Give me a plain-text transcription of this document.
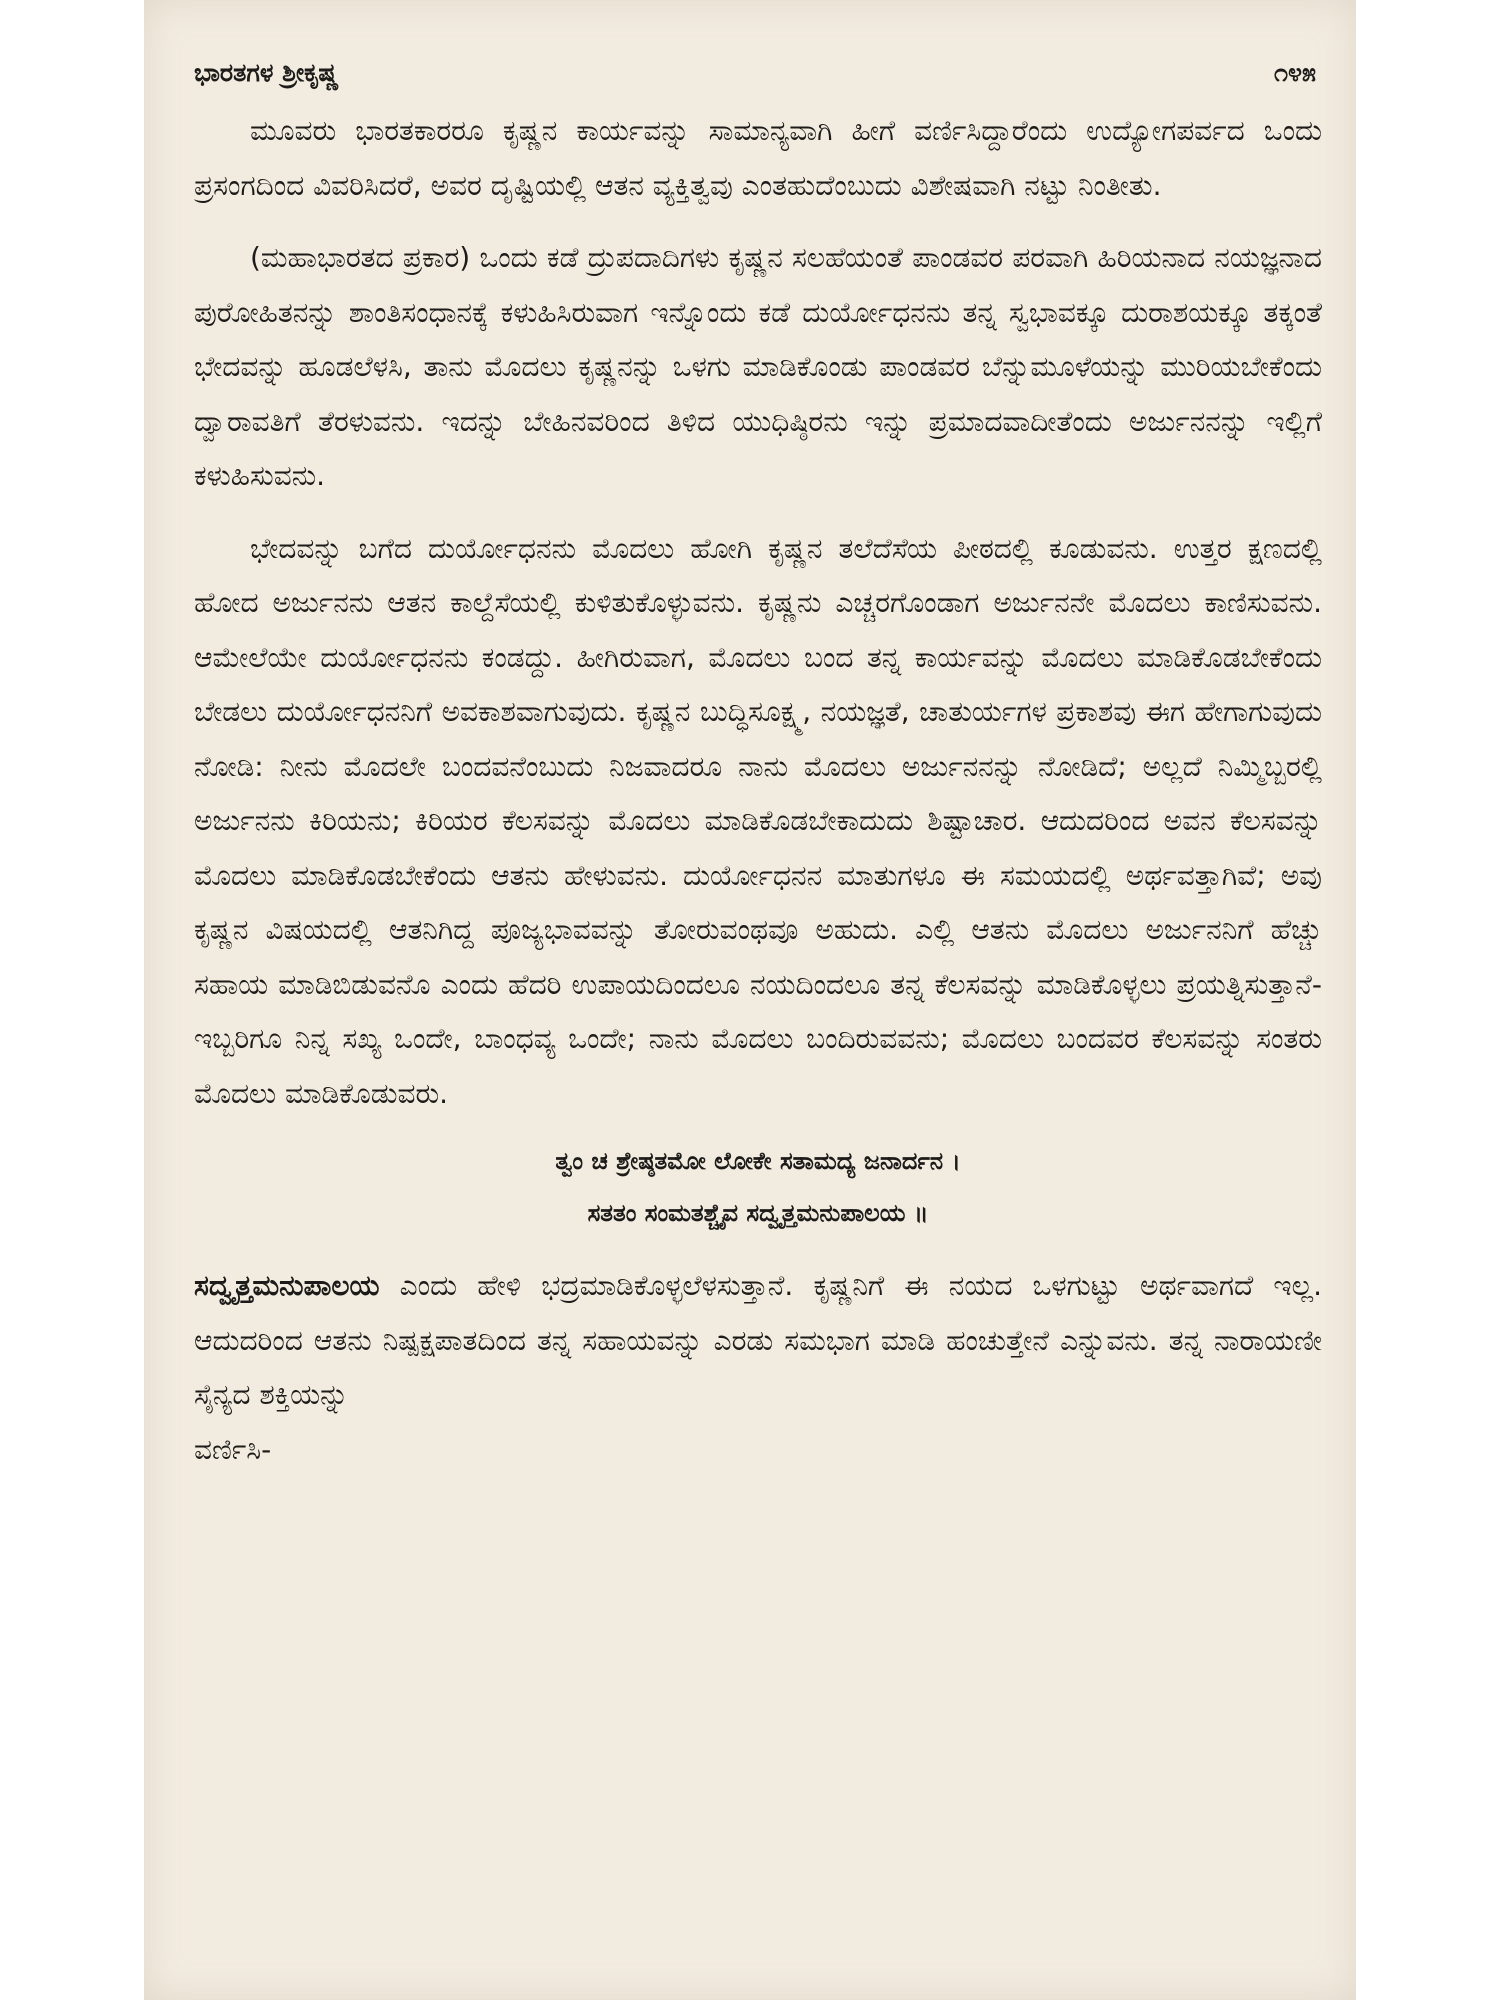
ಭಾರತಗಳ ಶ್ರೀಕೃಷ್ಣ	೧೪೫

ಮೂವರು ಭಾರತಕಾರರೂ ಕೃಷ್ಣನ ಕಾರ್ಯವನ್ನು ಸಾಮಾನ್ಯವಾಗಿ ಹೀಗೆ ವರ್ಣಿಸಿದ್ದಾರೆಂದು ಉದ್ಯೋಗಪರ್ವದ ಒಂದು ಪ್ರಸಂಗದಿಂದ ವಿವರಿಸಿದರೆ, ಅವರ ದೃಷ್ಟಿಯಲ್ಲಿ ಆತನ ವ್ಯಕ್ತಿತ್ವವು ಎಂತಹುದೆಂಬುದು ವಿಶೇಷವಾಗಿ ನಟ್ಟು ನಿಂತೀತು.

(ಮಹಾಭಾರತದ ಪ್ರಕಾರ) ಒಂದು ಕಡೆ ದ್ರುಪದಾದಿಗಳು ಕೃಷ್ಣನ ಸಲಹೆಯಂತೆ ಪಾಂಡವರ ಪರವಾಗಿ ಹಿರಿಯನಾದ ನಯಜ್ಞನಾದ ಪುರೋಹಿತನನ್ನು ಶಾಂತಿಸಂಧಾನಕ್ಕೆ ಕಳುಹಿಸಿರುವಾಗ ಇನ್ನೊಂದು ಕಡೆ ದುರ್ಯೋಧನನು ತನ್ನ ಸ್ವಭಾವಕ್ಕೂ ದುರಾಶಯಕ್ಕೂ ತಕ್ಕಂತೆ ಭೇದವನ್ನು ಹೂಡಲೆಳಸಿ, ತಾನು ಮೊದಲು ಕೃಷ್ಣನನ್ನು ಒಳಗು ಮಾಡಿಕೊಂಡು ಪಾಂಡವರ ಬೆನ್ನುಮೂಳೆಯನ್ನು ಮುರಿಯಬೇಕೆಂದು ದ್ವಾರಾವತಿಗೆ ತೆರಳುವನು. ಇದನ್ನು ಬೇಹಿನವರಿಂದ ತಿಳಿದ ಯುಧಿಷ್ಠಿರನು ಇನ್ನು ಪ್ರಮಾದವಾದೀತೆಂದು ಅರ್ಜುನನನ್ನು ಇಲ್ಲಿಗೆ ಕಳುಹಿಸುವನು.

ಭೇದವನ್ನು ಬಗೆದ ದುರ್ಯೋಧನನು ಮೊದಲು ಹೋಗಿ ಕೃಷ್ಣನ ತಲೆದೆಸೆಯ ಪೀಠದಲ್ಲಿ ಕೂಡುವನು. ಉತ್ತರ ಕ್ಷಣದಲ್ಲಿ ಹೋದ ಅರ್ಜುನನು ಆತನ ಕಾಲ್ದೆಸೆಯಲ್ಲಿ ಕುಳಿತುಕೊಳ್ಳುವನು. ಕೃಷ್ಣನು ಎಚ್ಚರಗೊಂಡಾಗ ಅರ್ಜುನನೇ ಮೊದಲು ಕಾಣಿಸುವನು. ಆಮೇಲೆಯೇ ದುರ್ಯೋಧನನು ಕಂಡದ್ದು. ಹೀಗಿರುವಾಗ, ಮೊದಲು ಬಂದ ತನ್ನ ಕಾರ್ಯವನ್ನು ಮೊದಲು ಮಾಡಿಕೊಡಬೇಕೆಂದು ಬೇಡಲು ದುರ್ಯೋಧನನಿಗೆ ಅವಕಾಶವಾಗುವುದು. ಕೃಷ್ಣನ ಬುದ್ಧಿಸೂಕ್ಷ್ಮ, ನಯಜ್ಞತೆ, ಚಾತುರ್ಯಗಳ ಪ್ರಕಾಶವು ಈಗ ಹೇಗಾಗುವುದು ನೋಡಿ: ನೀನು ಮೊದಲೇ ಬಂದವನೆಂಬುದು ನಿಜವಾದರೂ ನಾನು ಮೊದಲು ಅರ್ಜುನನನ್ನು ನೋಡಿದೆ; ಅಲ್ಲದೆ ನಿಮ್ಮಿಬ್ಬರಲ್ಲಿ ಅರ್ಜುನನು ಕಿರಿಯನು; ಕಿರಿಯರ ಕೆಲಸವನ್ನು ಮೊದಲು ಮಾಡಿಕೊಡಬೇಕಾದುದು ಶಿಷ್ಟಾಚಾರ. ಆದುದರಿಂದ ಅವನ ಕೆಲಸವನ್ನು ಮೊದಲು ಮಾಡಿಕೊಡಬೇಕೆಂದು ಆತನು ಹೇಳುವನು. ದುರ್ಯೋಧನನ ಮಾತುಗಳೂ ಈ ಸಮಯದಲ್ಲಿ ಅರ್ಥವತ್ತಾಗಿವೆ; ಅವು ಕೃಷ್ಣನ ವಿಷಯದಲ್ಲಿ ಆತನಿಗಿದ್ದ ಪೂಜ್ಯಭಾವವನ್ನು ತೋರುವಂಥವೂ ಅಹುದು. ಎಲ್ಲಿ ಆತನು ಮೊದಲು ಅರ್ಜುನನಿಗೆ ಹೆಚ್ಚು ಸಹಾಯ ಮಾಡಿಬಿಡುವನೊ ಎಂದು ಹೆದರಿ ಉಪಾಯದಿಂದಲೂ ನಯದಿಂದಲೂ ತನ್ನ ಕೆಲಸವನ್ನು ಮಾಡಿಕೊಳ್ಳಲು ಪ್ರಯತ್ನಿಸುತ್ತಾನೆ-ಇಬ್ಬರಿಗೂ ನಿನ್ನ ಸಖ್ಯ ಒಂದೇ, ಬಾಂಧವ್ಯ ಒಂದೇ; ನಾನು ಮೊದಲು ಬಂದಿರುವವನು; ಮೊದಲು ಬಂದವರ ಕೆಲಸವನ್ನು ಸಂತರು ಮೊದಲು ಮಾಡಿಕೊಡುವರು.

ತ್ವಂ ಚ ಶ್ರೇಷ್ಠತಮೋ ಲೋಕೇ ಸತಾಮದ್ಯ ಜನಾರ್ದನ ।
ಸತತಂ ಸಂಮತಶ್ಚೈವ ಸದ್ವೃತ್ತಮನುಪಾಲಯ ॥

ಸದ್ವೃತ್ತಮನುಪಾಲಯ ಎಂದು ಹೇಳಿ ಭದ್ರಮಾಡಿಕೊಳ್ಳಲೆಳಸುತ್ತಾನೆ. ಕೃಷ್ಣನಿಗೆ ಈ ನಯದ ಒಳಗುಟ್ಟು ಅರ್ಥವಾಗದೆ ಇಲ್ಲ. ಆದುದರಿಂದ ಆತನು ನಿಷ್ಪಕ್ಷಪಾತದಿಂದ ತನ್ನ ಸಹಾಯವನ್ನು ಎರಡು ಸಮಭಾಗ ಮಾಡಿ ಹಂಚುತ್ತೇನೆ ಎನ್ನುವನು. ತನ್ನ ನಾರಾಯಣೀ ಸೈನ್ಯದ ಶಕ್ತಿಯನ್ನು

ವರ್ಣಿಸಿ-
